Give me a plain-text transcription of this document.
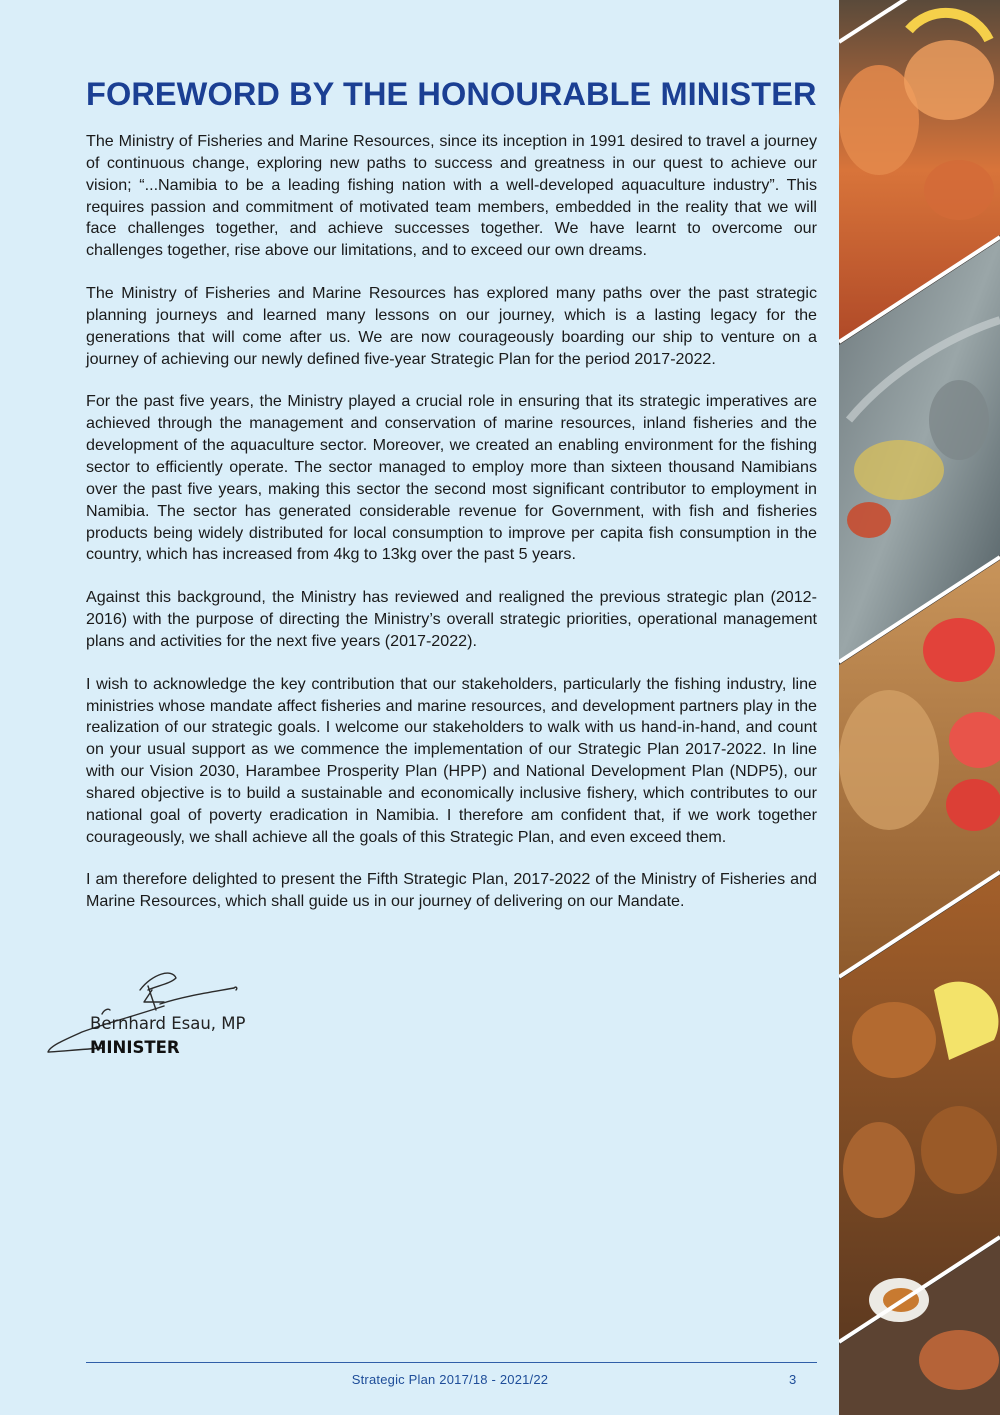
FOREWORD BY THE HONOURABLE MINISTER

The Ministry of Fisheries and Marine Resources, since its inception in 1991 desired to travel a journey of continuous change, exploring new paths to success and greatness in our quest to achieve our vision; “...Namibia to be a leading fishing nation with a well-developed aquaculture industry”. This requires passion and commitment of motivated team members, embedded in the reality that we will face challenges together, and achieve successes together. We have learnt to overcome our challenges together, rise above our limitations, and to exceed our own dreams.

The Ministry of Fisheries and Marine Resources has explored many paths over the past strategic planning journeys and learned many lessons on our journey, which is a lasting legacy for the generations that will come after us. We are now courageously boarding our ship to venture on a journey of achieving our newly defined five-year Strategic Plan for the period 2017-2022.

For the past five years, the Ministry played a crucial role in ensuring that its strategic imperatives are achieved through the management and conservation of marine resources, inland fisheries and the development of the aquaculture sector. Moreover, we created an enabling environment for the fishing sector to efficiently operate. The sector managed to employ more than sixteen thousand Namibians over the past five years, making this sector the second most significant contributor to employment in Namibia. The sector has generated considerable revenue for Government, with fish and fisheries products being widely distributed for local consumption to improve per capita fish consumption in the country, which has increased from 4kg to 13kg over the past 5 years.

Against this background, the Ministry has reviewed and realigned the previous strategic plan (2012-2016) with the purpose of directing the Ministry’s overall strategic priorities, operational management plans and activities for the next five years (2017-2022).

I wish to acknowledge the key contribution that our stakeholders, particularly the fishing industry, line ministries whose mandate affect fisheries and marine resources, and development partners play in the realization of our strategic goals. I welcome our stakeholders to walk with us hand-in-hand, and count on your usual support as we commence the implementation of our Strategic Plan 2017-2022. In line with our Vision 2030, Harambee Prosperity Plan (HPP) and National Development Plan (NDP5), our shared objective is to build a sustainable and economically inclusive fishery, which contributes to our national goal of poverty eradication in Namibia. I therefore am confident that, if we work together courageously, we shall achieve all the goals of this Strategic Plan, and even exceed them.

I am therefore delighted to present the Fifth Strategic Plan, 2017-2022 of the Ministry of Fisheries and Marine Resources, which shall guide us in our journey of delivering on our Mandate.

Bernhard Esau, MP
MINISTER
Strategic Plan 2017/18 - 2021/22	3
